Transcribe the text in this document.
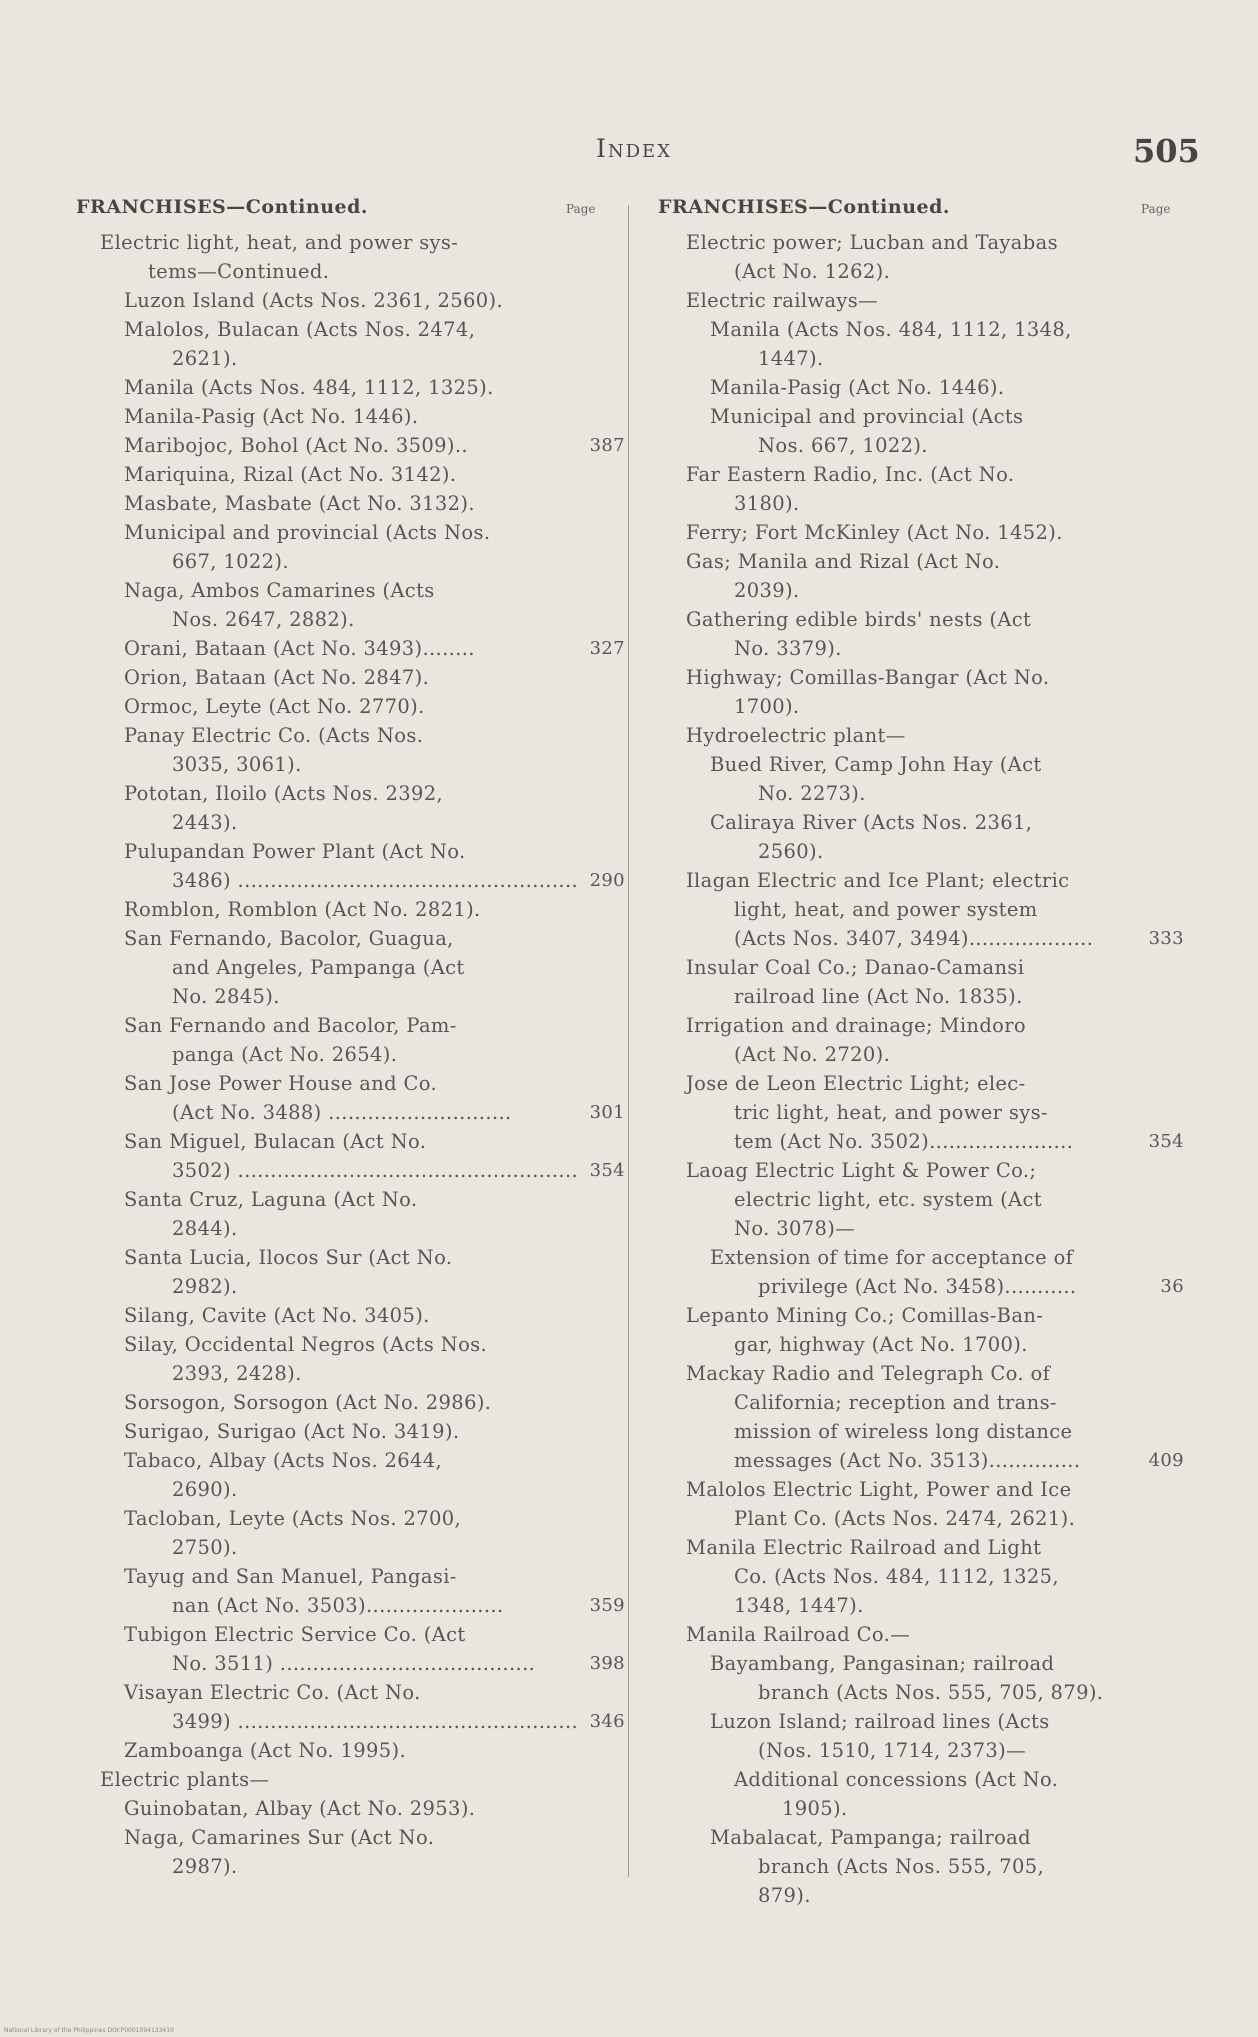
Index	505
FRANCHISES—Continued.	Page	FRANCHISES—Continued.	Page
Electric light, heat, and power sys-
tems—Continued.
Luzon Island (Acts Nos. 2361, 2560).
Malolos, Bulacan (Acts Nos. 2474,
2621).
Manila (Acts Nos. 484, 1112, 1325).
Manila-Pasig (Act No. 1446).
Maribojoc, Bohol (Act No. 3509)..	387
Mariquina, Rizal (Act No. 3142).
Masbate, Masbate (Act No. 3132).
Municipal and provincial (Acts Nos.
667, 1022).
Naga, Ambos Camarines (Acts
Nos. 2647, 2882).
Orani, Bataan (Act No. 3493)........	327
Orion, Bataan (Act No. 2847).
Ormoc, Leyte (Act No. 2770).
Panay Electric Co. (Acts Nos.
3035, 3061).
Pototan, Iloilo (Acts Nos. 2392,
2443).
Pulupandan Power Plant (Act No.
3486) .................................................... 290
Romblon, Romblon (Act No. 2821).
San Fernando, Bacolor, Guagua,
and Angeles, Pampanga (Act
No. 2845).
San Fernando and Bacolor, Pam-
panga (Act No. 2654).
San Jose Power House and Co.
(Act No. 3488) ............................	301
San Miguel, Bulacan (Act No.
3502) .................................................... 354
Santa Cruz, Laguna (Act No.
2844).
Santa Lucia, Ilocos Sur (Act No.
2982).
Silang, Cavite (Act No. 3405).
Silay, Occidental Negros (Acts Nos.
2393, 2428).
Sorsogon, Sorsogon (Act No. 2986).
Surigao, Surigao (Act No. 3419).
Tabaco, Albay (Acts Nos. 2644,
2690).
Tacloban, Leyte (Acts Nos. 2700,
2750).
Tayug and San Manuel, Pangasi-
nan (Act No. 3503).....................	359
Tubigon Electric Service Co. (Act
No. 3511) .......................................	398
Visayan Electric Co. (Act No.
3499) .................................................... 346
Zamboanga (Act No. 1995).
Electric plants—
Guinobatan, Albay (Act No. 2953).
Naga, Camarines Sur (Act No.
2987).
Electric power; Lucban and Tayabas
(Act No. 1262).
Electric railways—
Manila (Acts Nos. 484, 1112, 1348,
1447).
Manila-Pasig (Act No. 1446).
Municipal and provincial (Acts
Nos. 667, 1022).
Far Eastern Radio, Inc. (Act No.
3180).
Ferry; Fort McKinley (Act No. 1452).
Gas; Manila and Rizal (Act No.
2039).
Gathering edible birds' nests (Act
No. 3379).
Highway; Comillas-Bangar (Act No.
1700).
Hydroelectric plant—
Bued River, Camp John Hay (Act
No. 2273).
Caliraya River (Acts Nos. 2361,
2560).
Ilagan Electric and Ice Plant; electric
light, heat, and power system
(Acts Nos. 3407, 3494)...................	333
Insular Coal Co.; Danao-Camansi
railroad line (Act No. 1835).
Irrigation and drainage; Mindoro
(Act No. 2720).
Jose de Leon Electric Light; elec-
tric light, heat, and power sys-
tem (Act No. 3502)......................	354
Laoag Electric Light & Power Co.;
electric light, etc. system (Act
No. 3078)—
Extension of time for acceptance of
privilege (Act No. 3458)...........	36
Lepanto Mining Co.; Comillas-Ban-
gar, highway (Act No. 1700).
Mackay Radio and Telegraph Co. of
California; reception and trans-
mission of wireless long distance
messages (Act No. 3513)..............	409
Malolos Electric Light, Power and Ice
Plant Co. (Acts Nos. 2474, 2621).
Manila Electric Railroad and Light
Co. (Acts Nos. 484, 1112, 1325,
1348, 1447).
Manila Railroad Co.—
Bayambang, Pangasinan; railroad
branch (Acts Nos. 555, 705, 879).
Luzon Island; railroad lines (Acts
(Nos. 1510, 1714, 2373)—
Additional concessions (Act No.
1905).
Mabalacat, Pampanga; railroad
branch (Acts Nos. 555, 705,
879).
National Library of the Philippines DOI:P0001094133410
